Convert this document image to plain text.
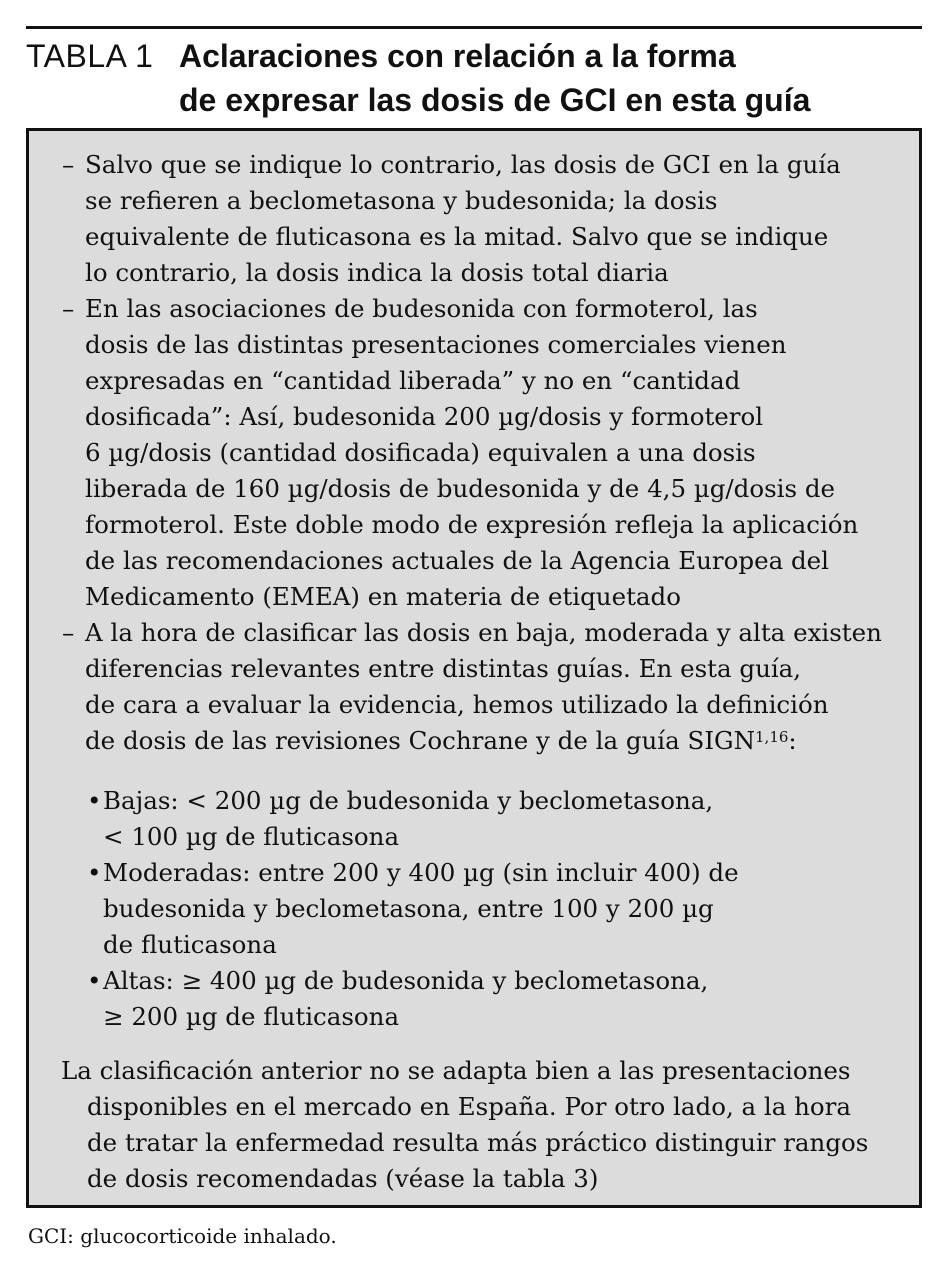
TABLA 1 Aclaraciones con relación a la forma
de expresar las dosis de GCI en esta guía
– Salvo que se indique lo contrario, las dosis de GCI en la guía
se refieren a beclometasona y budesonida; la dosis
equivalente de fluticasona es la mitad. Salvo que se indique
lo contrario, la dosis indica la dosis total diaria
– En las asociaciones de budesonida con formoterol, las
dosis de las distintas presentaciones comerciales vienen
expresadas en “cantidad liberada” y no en “cantidad
dosificada”: Así, budesonida 200 µg/dosis y formoterol
6 µg/dosis (cantidad dosificada) equivalen a una dosis
liberada de 160 µg/dosis de budesonida y de 4,5 µg/dosis de
formoterol. Este doble modo de expresión refleja la aplicación
de las recomendaciones actuales de la Agencia Europea del
Medicamento (EMEA) en materia de etiquetado
– A la hora de clasificar las dosis en baja, moderada y alta existen
diferencias relevantes entre distintas guías. En esta guía,
de cara a evaluar la evidencia, hemos utilizado la definición
de dosis de las revisiones Cochrane y de la guía SIGN$^{1,16}$:
• Bajas: < 200 µg de budesonida y beclometasona,
< 100 µg de fluticasona
• Moderadas: entre 200 y 400 µg (sin incluir 400) de
budesonida y beclometasona, entre 100 y 200 µg
de fluticasona
• Altas: ≥ 400 µg de budesonida y beclometasona,
≥ 200 µg de fluticasona
La clasificación anterior no se adapta bien a las presentaciones
disponibles en el mercado en España. Por otro lado, a la hora
de tratar la enfermedad resulta más práctico distinguir rangos
de dosis recomendadas (véase la tabla 3)
GCI: glucocorticoide inhalado.
